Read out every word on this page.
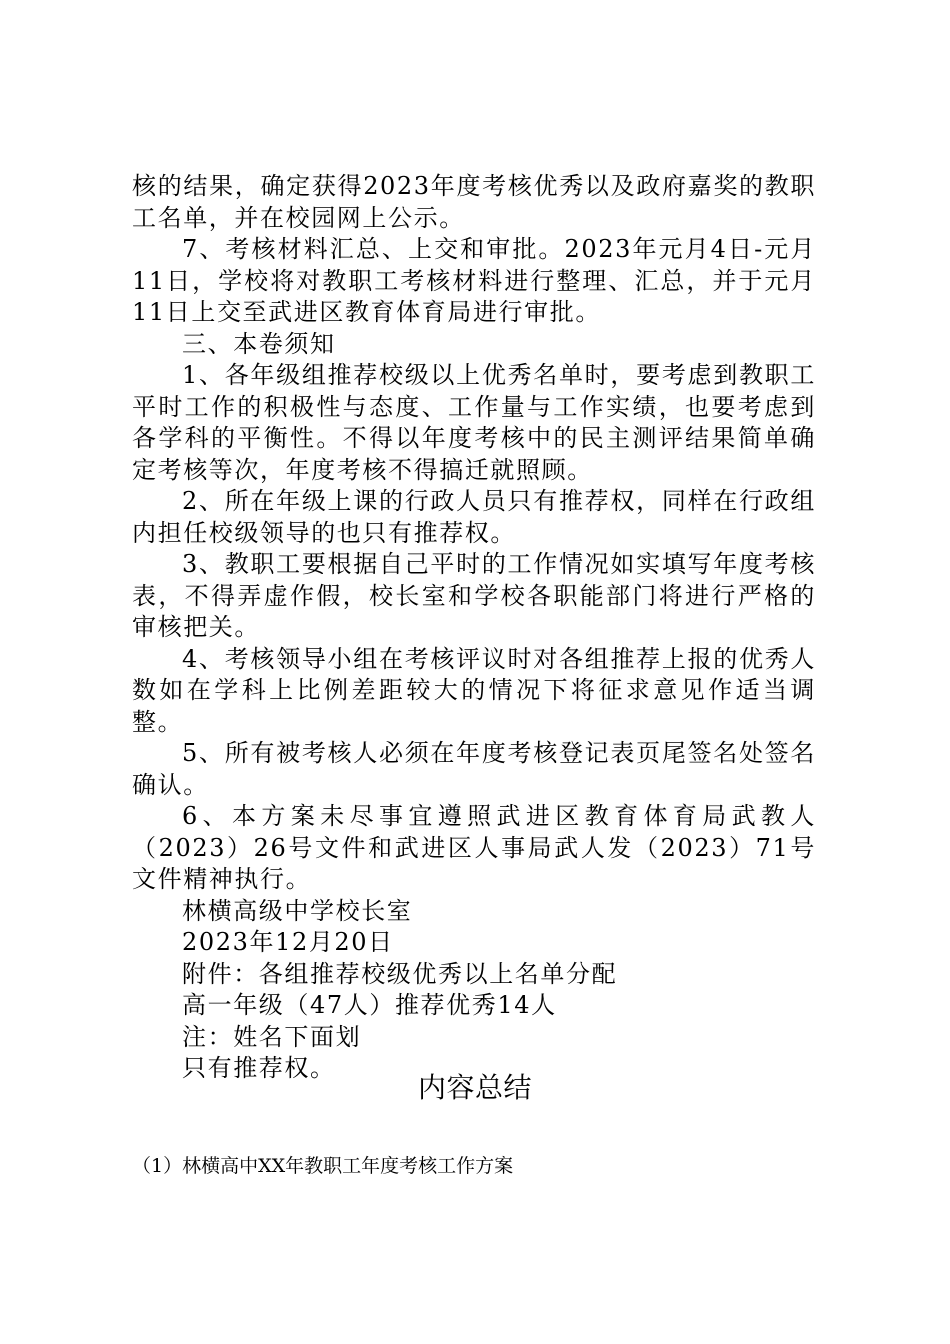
核的结果，确定获得2023年度考核优秀以及政府嘉奖的教职工名单，并在校园网上公示。

7、考核材料汇总、上交和审批。2023年元月4日-元月11日，学校将对教职工考核材料进行整理、汇总，并于元月11日上交至武进区教育体育局进行审批。

三、本卷须知

1、各年级组推荐校级以上优秀名单时，要考虑到教职工平时工作的积极性与态度、工作量与工作实绩，也要考虑到各学科的平衡性。不得以年度考核中的民主测评结果简单确定考核等次，年度考核不得搞迁就照顾。

2、所在年级上课的行政人员只有推荐权，同样在行政组内担任校级领导的也只有推荐权。

3、教职工要根据自己平时的工作情况如实填写年度考核表，不得弄虚作假，校长室和学校各职能部门将进行严格的审核把关。

4、考核领导小组在考核评议时对各组推荐上报的优秀人数如在学科上比例差距较大的情况下将征求意见作适当调整。

5、所有被考核人必须在年度考核登记表页尾签名处签名确认。

6、本方案未尽事宜遵照武进区教育体育局武教人（2023）26号文件和武进区人事局武人发（2023）71号文件精神执行。

林横高级中学校长室

2023年12月20日

附件：各组推荐校级优秀以上名单分配

高一年级（47人）推荐优秀14人

注：姓名下面划

只有推荐权。

内容总结
（1）林横高中XX年教职工年度考核工作方案
